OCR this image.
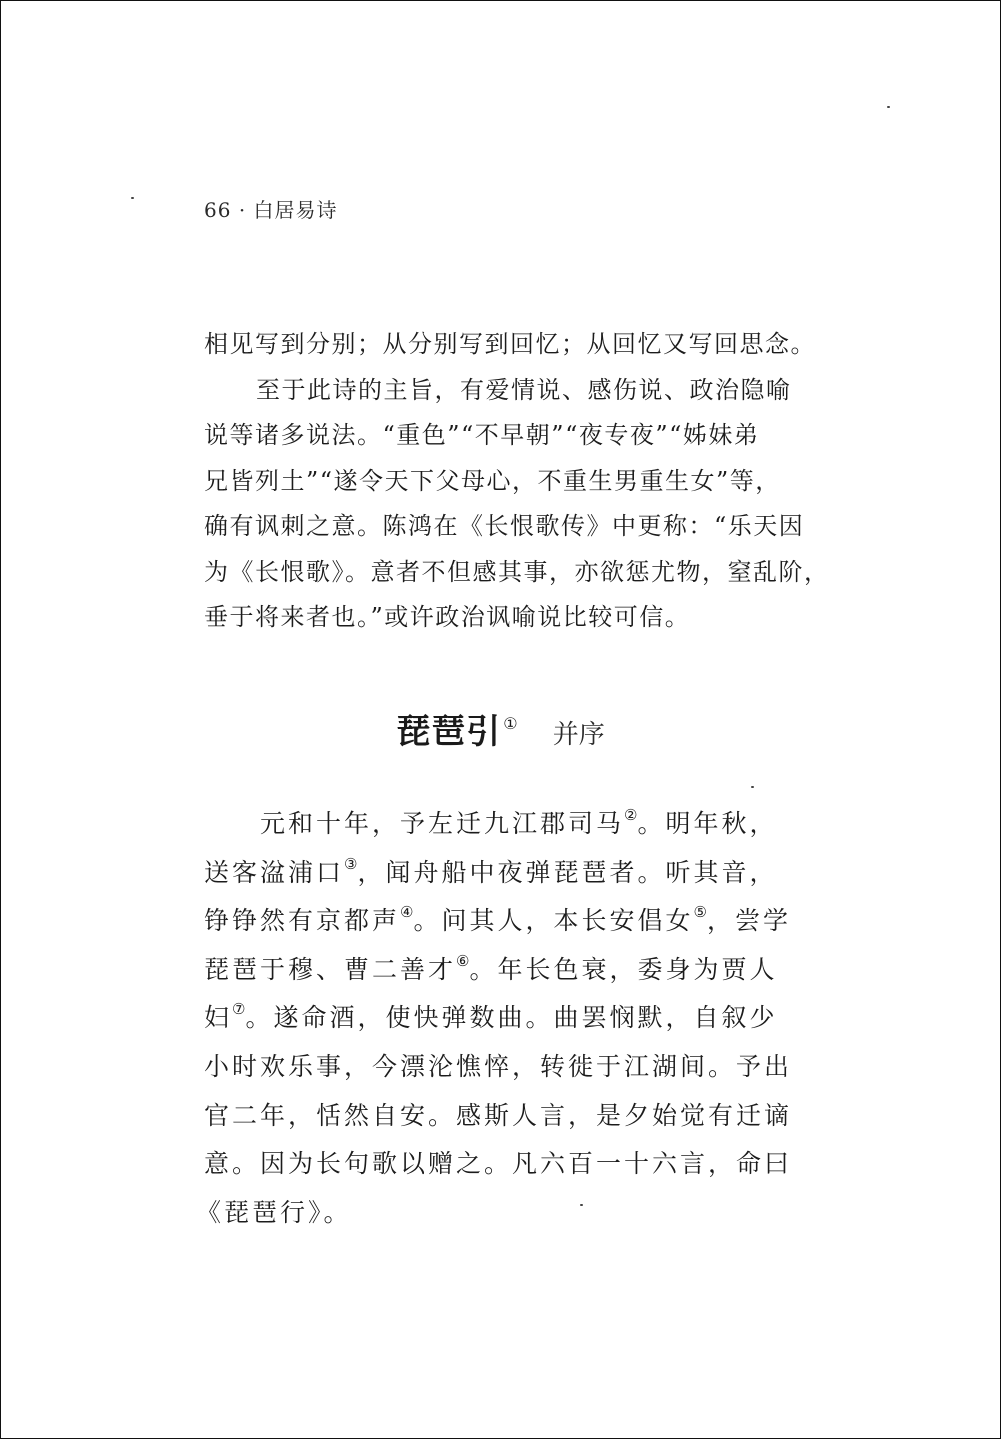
66 · 白居易诗

相见写到分别；从分别写到回忆；从回忆又写回思念。

至于此诗的主旨，有爱情说、感伤说、政治隐喻
说等诸多说法。“重色”“不早朝”“夜专夜”“姊妹弟
兄皆列土”“遂令天下父母心，不重生男重生女”等，
确有讽刺之意。陈鸿在《长恨歌传》中更称：“乐天因
为《长恨歌》。意者不但感其事，亦欲惩尤物，窒乱阶，
垂于将来者也。”或许政治讽喻说比较可信。

琵琶引 ① 并序
元和十年，予左迁九江郡司马②。明年秋，
送客湓浦口③，闻舟船中夜弹琵琶者。听其音，
铮铮然有京都声④。问其人，本长安倡女⑤，尝学
琵琶于穆、曹二善才⑥。年长色衰，委身为贾人
妇⑦。遂命酒，使快弹数曲。曲罢悯默，自叙少
小时欢乐事，今漂沦憔悴，转徙于江湖间。予出
官二年，恬然自安。感斯人言，是夕始觉有迁谪
意。因为长句歌以赠之。凡六百一十六言，命曰
《琵琶行》。
